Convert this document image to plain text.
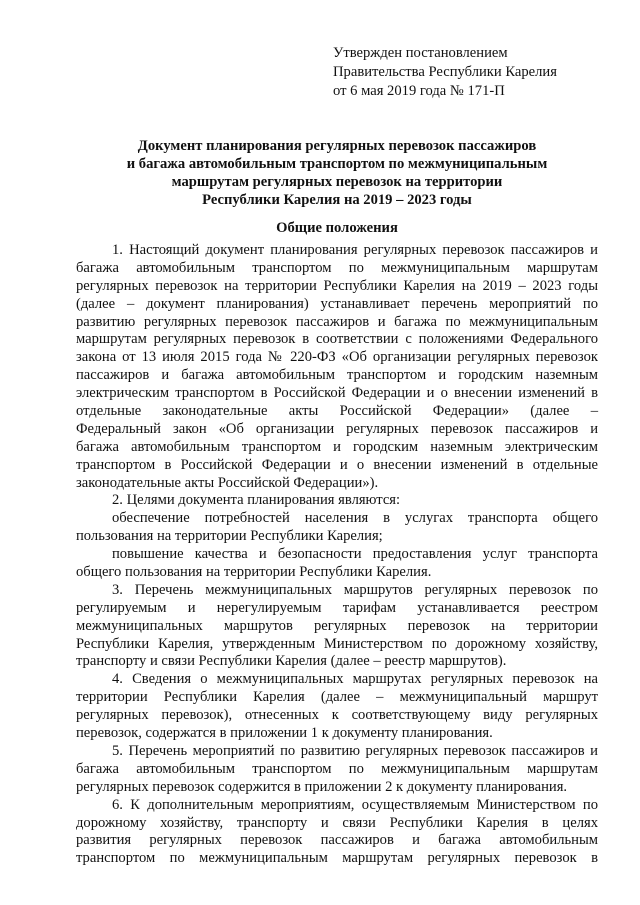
Утвержден постановлением
Правительства Республики Карелия
от 6 мая 2019 года № 171-П
Документ планирования регулярных перевозок пассажиров
и багажа автомобильным транспортом по межмуниципальным
маршрутам регулярных перевозок на территории
Республики Карелия на 2019 – 2023 годы
Общие положения
1. Настоящий документ планирования регулярных перевозок пассажиров и
багажа автомобильным транспортом по межмуниципальным маршрутам
регулярных перевозок на территории Республики Карелия на 2019 – 2023 годы
(далее – документ планирования) устанавливает перечень мероприятий по
развитию регулярных перевозок пассажиров и багажа по межмуниципальным
маршрутам регулярных перевозок в соответствии с положениями Федерального
закона от 13 июля 2015 года № 220-ФЗ «Об организации регулярных перевозок
пассажиров и багажа автомобильным транспортом и городским наземным
электрическим транспортом в Российской Федерации и о внесении изменений в
отдельные законодательные акты Российской Федерации» (далее –
Федеральный закон «Об организации регулярных перевозок пассажиров и
багажа автомобильным транспортом и городским наземным электрическим
транспортом в Российской Федерации и о внесении изменений в отдельные
законодательные акты Российской Федерации»).
2. Целями документа планирования являются:
обеспечение потребностей населения в услугах транспорта общего
пользования на территории Республики Карелия;
повышение качества и безопасности предоставления услуг транспорта
общего пользования на территории Республики Карелия.
3. Перечень межмуниципальных маршрутов регулярных перевозок по
регулируемым и нерегулируемым тарифам устанавливается реестром
межмуниципальных маршрутов регулярных перевозок на территории
Республики Карелия, утвержденным Министерством по дорожному хозяйству,
транспорту и связи Республики Карелия (далее – реестр маршрутов).
4. Сведения о межмуниципальных маршрутах регулярных перевозок на
территории Республики Карелия (далее – межмуниципальный маршрут
регулярных перевозок), отнесенных к соответствующему виду регулярных
перевозок, содержатся в приложении 1 к документу планирования.
5. Перечень мероприятий по развитию регулярных перевозок пассажиров и
багажа автомобильным транспортом по межмуниципальным маршрутам
регулярных перевозок содержится в приложении 2 к документу планирования.
6. К дополнительным мероприятиям, осуществляемым Министерством по
дорожному хозяйству, транспорту и связи Республики Карелия в целях
развития регулярных перевозок пассажиров и багажа автомобильным
транспортом по межмуниципальным маршрутам регулярных перевозок в
